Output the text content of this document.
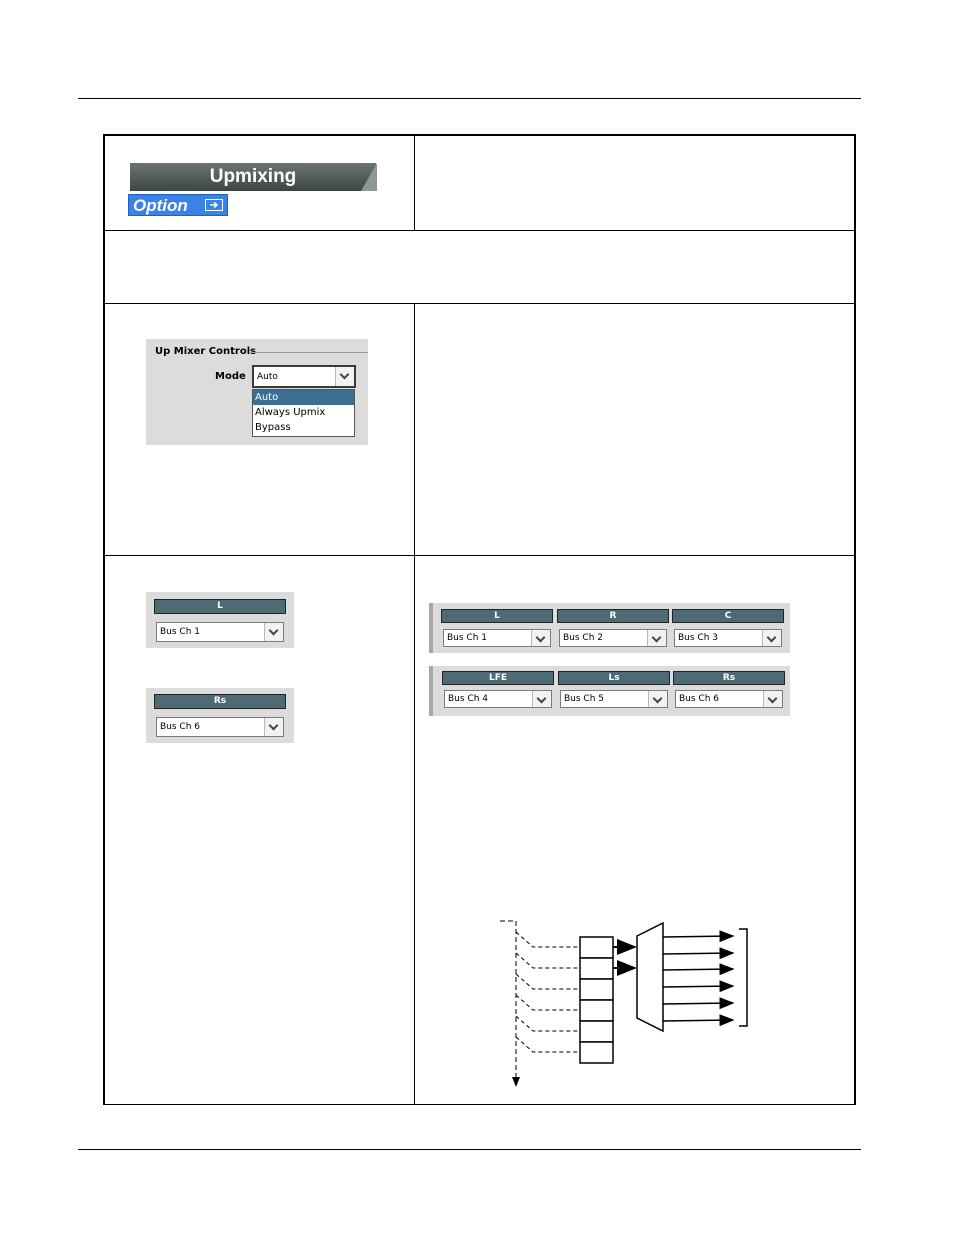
Upmixing
Option	➔
Up Mixer Controls
Mode Auto
Auto
Always Upmix
Bypass
L
Bus Ch 1
Rs
Bus Ch 6
L	R	C
Bus Ch 1	Bus Ch 2	Bus Ch 3
LFE	Ls	Rs
Bus Ch 4	Bus Ch 5	Bus Ch 6
